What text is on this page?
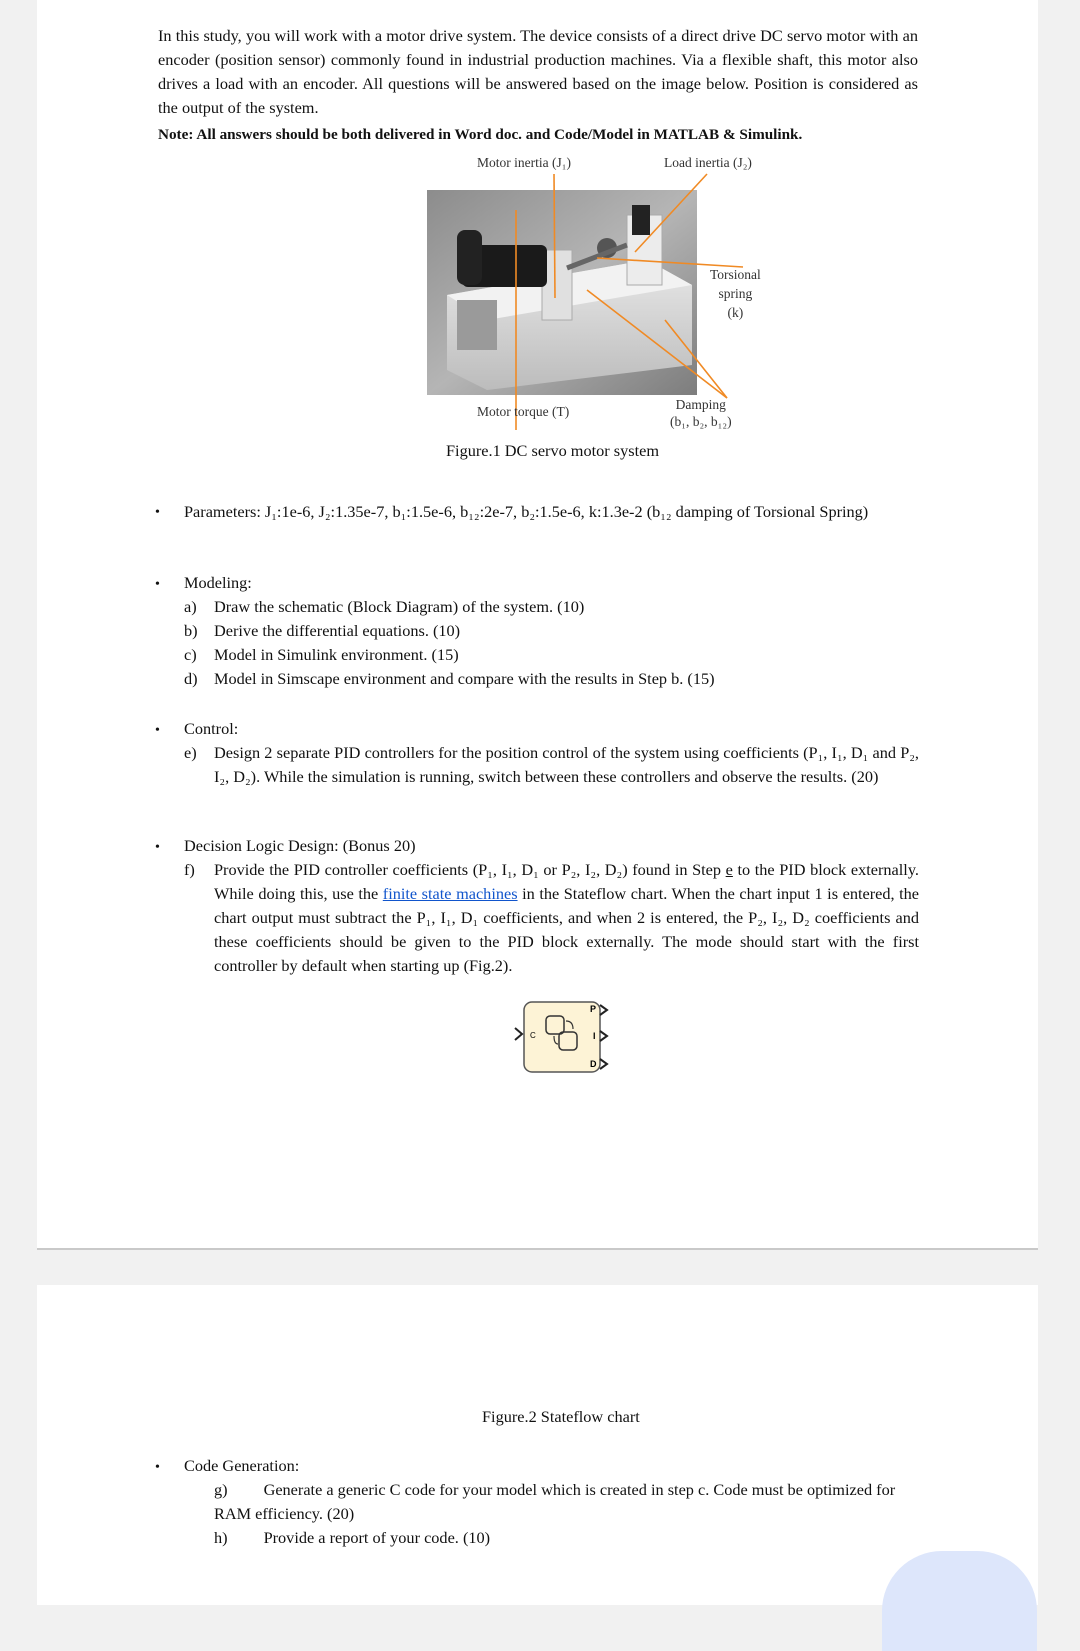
In this study, you will work with a motor drive system. The device consists of a direct drive DC servo motor with an encoder (position sensor) commonly found in industrial production machines. Via a flexible shaft, this motor also drives a load with an encoder. All questions will be answered based on the image below. Position is considered as the output of the system.
Note: All answers should be both delivered in Word doc. and Code/Model in MATLAB & Simulink.
Motor inertia (J₁)	Load inertia (J₂)
Torsional
spring
(k)
Motor torque (T)	Damping
(b₁, b₂, b₁₂)
Figure.1 DC servo motor system
• Parameters: J₁:1e-6, J₂:1.35e-7, b₁:1.5e-6, b₁₂:2e-7, b₂:1.5e-6, k:1.3e-2 (b₁₂ damping of Torsional Spring)
• Modeling:
a) Draw the schematic (Block Diagram) of the system. (10)
b) Derive the differential equations. (10)
c) Model in Simulink environment. (15)
d) Model in Simscape environment and compare with the results in Step b. (15)
• Control:
e) Design 2 separate PID controllers for the position control of the system using coefficients (P₁, I₁, D₁ and P₂, I₂, D₂). While the simulation is running, switch between these controllers and observe the results. (20)
• Decision Logic Design: (Bonus 20)
f) Provide the PID controller coefficients (P₁, I₁, D₁ or P₂, I₂, D₂) found in Step e to the PID block externally. While doing this, use the finite state machines in the Stateflow chart. When the chart input 1 is entered, the chart output must subtract the P₁, I₁, D₁ coefficients, and when 2 is entered, the P₂, I₂, D₂ coefficients and these coefficients should be given to the PID block externally. The mode should start with the first controller by default when starting up (Fig.2).
C
P
I
D
Figure.2 Stateflow chart
• Code Generation:
g) Generate a generic C code for your model which is created in step c. Code must be optimized for RAM efficiency. (20)
h) Provide a report of your code. (10)
